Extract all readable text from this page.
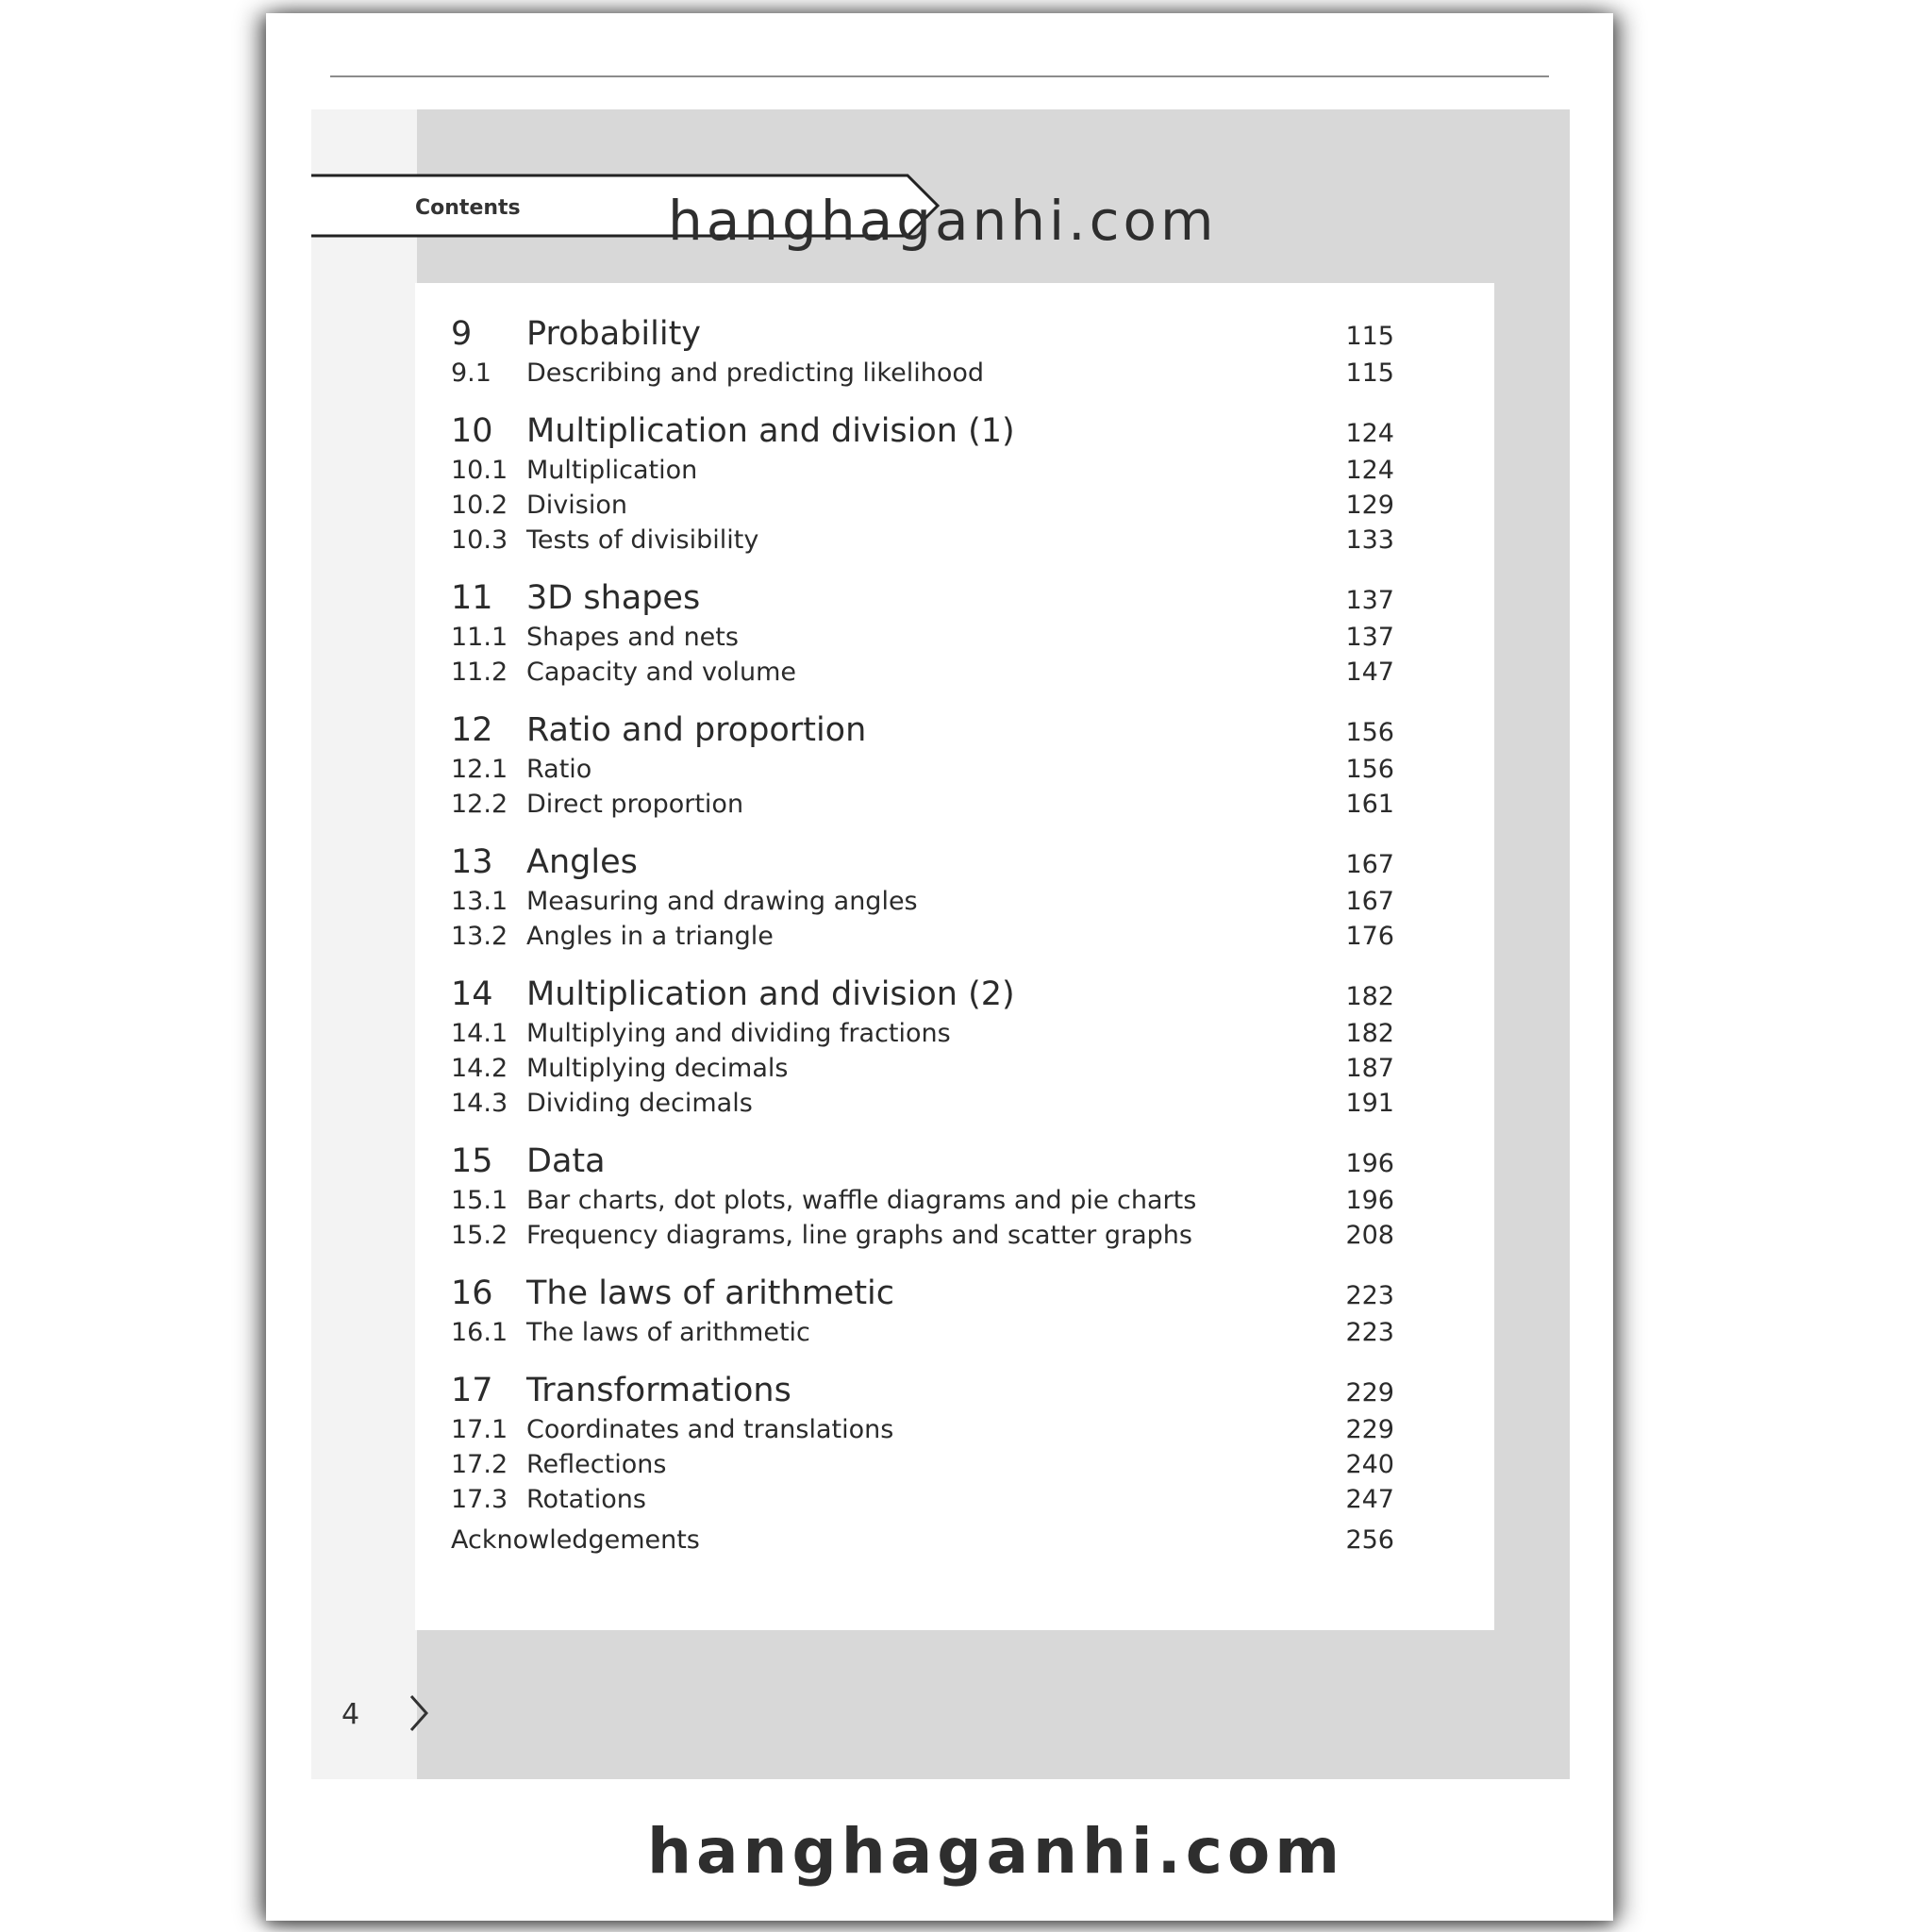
Contents
9	Probability	115
9.1	Describing and predicting likelihood	115
10	Multiplication and division (1)	124
10.1 Multiplication	124
10.2 Division	129
10.3 Tests of divisibility	133
11	3D shapes	137
11.1 Shapes and nets	137
11.2 Capacity and volume	147
12	Ratio and proportion	156
12.1 Ratio	156
12.2 Direct proportion	161
13	Angles	167
13.1 Measuring and drawing angles	167
13.2 Angles in a triangle	176
14	Multiplication and division (2)	182
14.1 Multiplying and dividing fractions	182
14.2 Multiplying decimals	187
14.3 Dividing decimals	191
15	Data	196
15.1 Bar charts, dot plots, waffle diagrams and pie charts	196
15.2 Frequency diagrams, line graphs and scatter graphs	208
16	The laws of arithmetic	223
16.1 The laws of arithmetic	223
17	Transformations	229
17.1 Coordinates and translations	229
17.2 Reflections	240
17.3 Rotations	247
Acknowledgements	256
4
hanghaganhi.com
hanghaganhi.com
